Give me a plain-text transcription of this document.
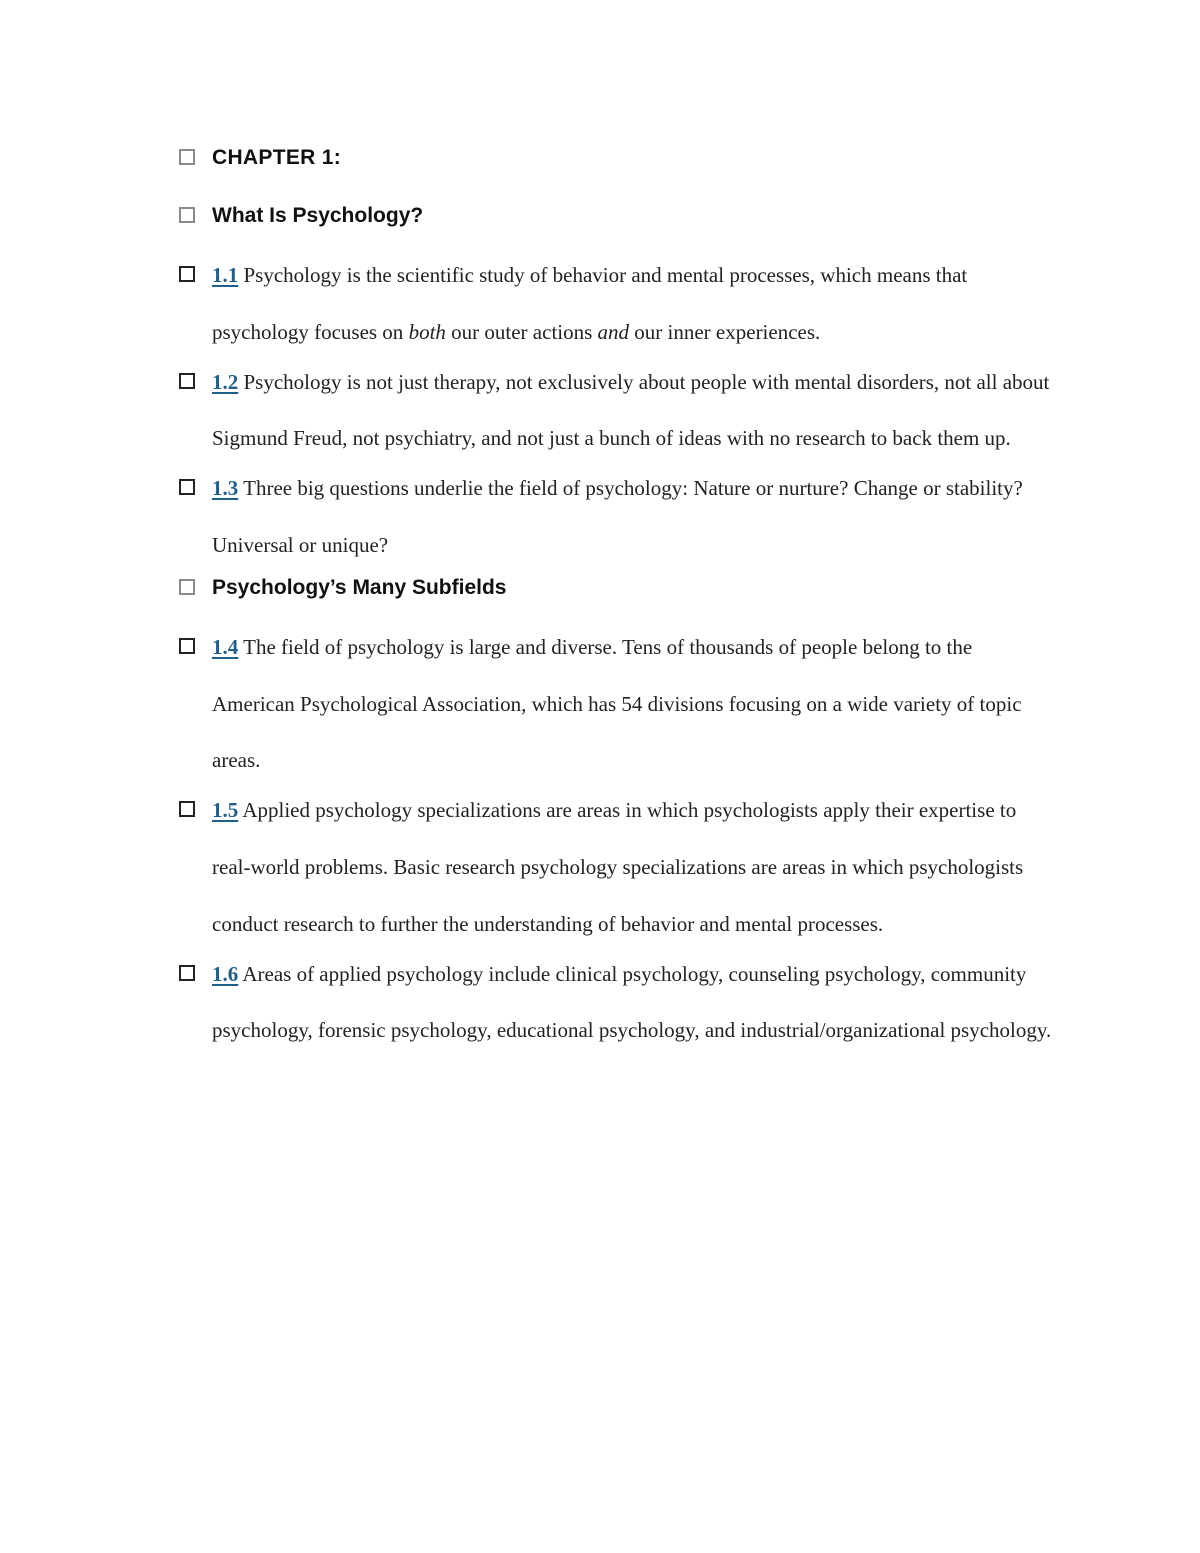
CHAPTER 1:
What Is Psychology?

1.1 Psychology is the scientific study of behavior and mental processes, which means that psychology focuses on both our outer actions and our inner experiences.

1.2 Psychology is not just therapy, not exclusively about people with mental disorders, not all about Sigmund Freud, not psychiatry, and not just a bunch of ideas with no research to back them up.

1.3 Three big questions underlie the field of psychology: Nature or nurture? Change or stability? Universal or unique?

Psychology’s Many Subfields

1.4 The field of psychology is large and diverse. Tens of thousands of people belong to the American Psychological Association, which has 54 divisions focusing on a wide variety of topic areas.

1.5 Applied psychology specializations are areas in which psychologists apply their expertise to real-world problems. Basic research psychology specializations are areas in which psychologists conduct research to further the understanding of behavior and mental processes.

1.6 Areas of applied psychology include clinical psychology, counseling psychology, community psychology, forensic psychology, educational psychology, and industrial/organizational psychology.
